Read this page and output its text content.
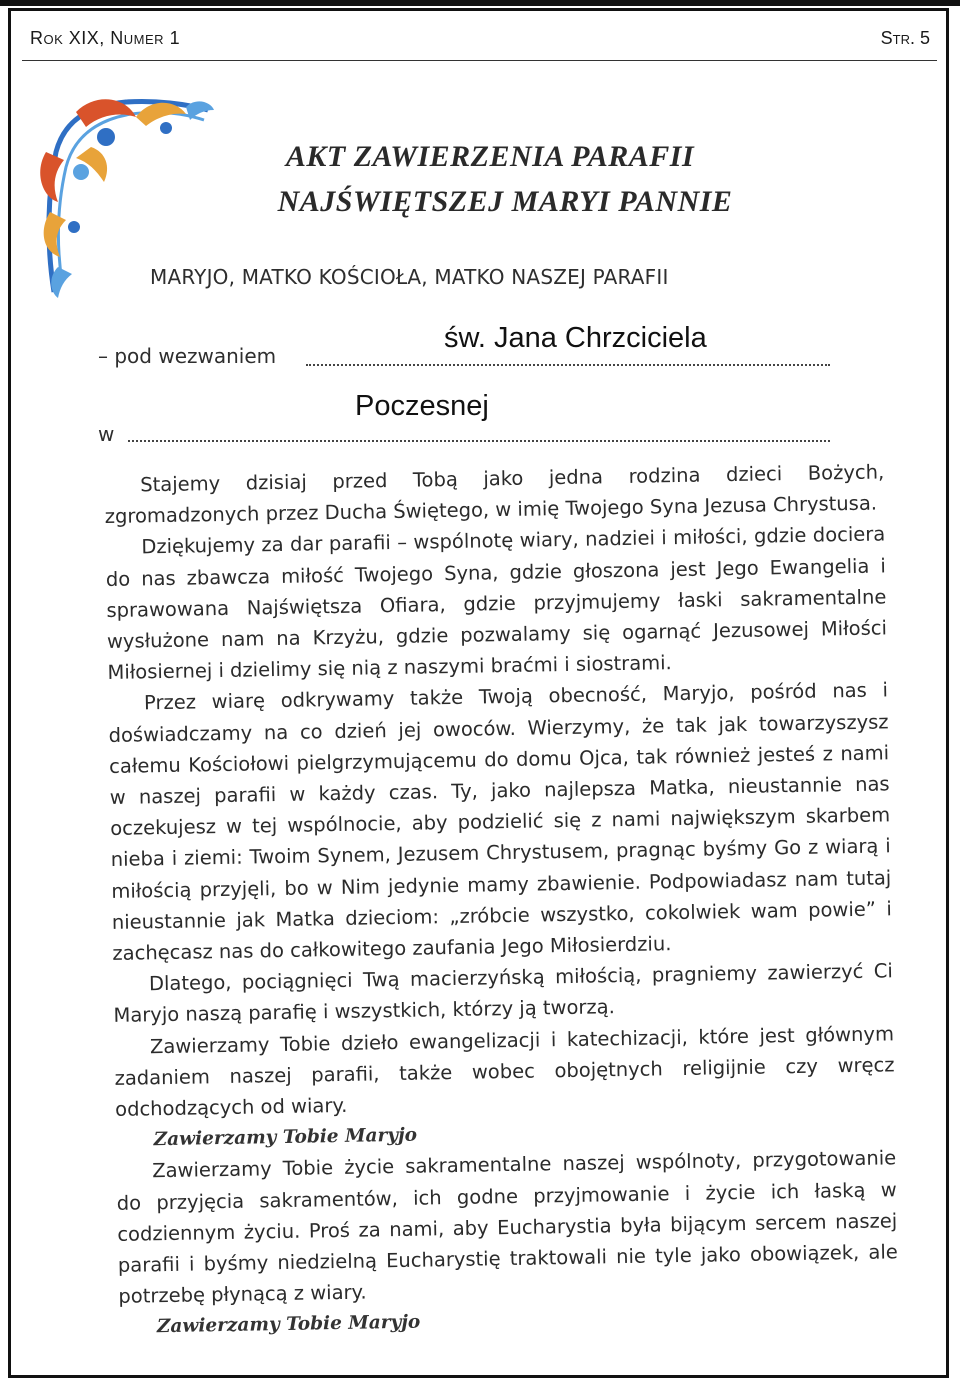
Rok XIX, Numer 1	Str. 5
AKT ZAWIERZENIA PARAFII
NAJŚWIĘTSZEJ MARYI PANNIE
MARYJO, MATKO KOŚCIOŁA, MATKO NASZEJ PARAFII
– pod wezwaniem
św. Jana Chrzciciela
w
Poczesnej

Stajemy dzisiaj przed Tobą jako jedna rodzina dzieci Bożych, zgromadzonych przez Ducha Świętego, w imię Twojego Syna Jezusa Chrystusa.

Dziękujemy za dar parafii – wspólnotę wiary, nadziei i miłości, gdzie dociera do nas zbawcza miłość Twojego Syna, gdzie głoszona jest Jego Ewangelia i sprawowana Najświętsza Ofiara, gdzie przyjmujemy łaski sakramentalne wysłużone nam na Krzyżu, gdzie pozwalamy się ogarnąć Jezusowej Miłości Miłosiernej i dzielimy się nią z naszymi braćmi i siostrami.

Przez wiarę odkrywamy także Twoją obecność, Maryjo, pośród nas i doświadczamy na co dzień jej owoców. Wierzymy, że tak jak towarzyszysz całemu Kościołowi pielgrzymującemu do domu Ojca, tak również jesteś z nami w naszej parafii w każdy czas. Ty, jako najlepsza Matka, nieustannie nas oczekujesz w tej wspólnocie, aby podzielić się z nami największym skarbem nieba i ziemi: Twoim Synem, Jezusem Chrystusem, pragnąc byśmy Go z wiarą i miłością przyjęli, bo w Nim jedynie mamy zbawienie. Podpowiadasz nam tutaj nieustannie jak Matka dzieciom: „zróbcie wszystko, cokolwiek wam powie” i zachęcasz nas do całkowitego zaufania Jego Miłosierdziu.

Dlatego, pociągnięci Twą macierzyńską miłością, pragniemy zawierzyć Ci Maryjo naszą parafię i wszystkich, którzy ją tworzą.

Zawierzamy Tobie dzieło ewangelizacji i katechizacji, które jest głównym zadaniem naszej parafii, także wobec obojętnych religijnie czy wręcz odchodzących od wiary.

Zawierzamy Tobie Maryjo

Zawierzamy Tobie życie sakramentalne naszej wspólnoty, przygotowanie do przyjęcia sakramentów, ich godne przyjmowanie i życie ich łaską w codziennym życiu. Proś za nami, aby Eucharystia była bijącym sercem naszej parafii i byśmy niedzielną Eucharystię traktowali nie tyle jako obowiązek, ale potrzebę płynącą z wiary.

Zawierzamy Tobie Maryjo
